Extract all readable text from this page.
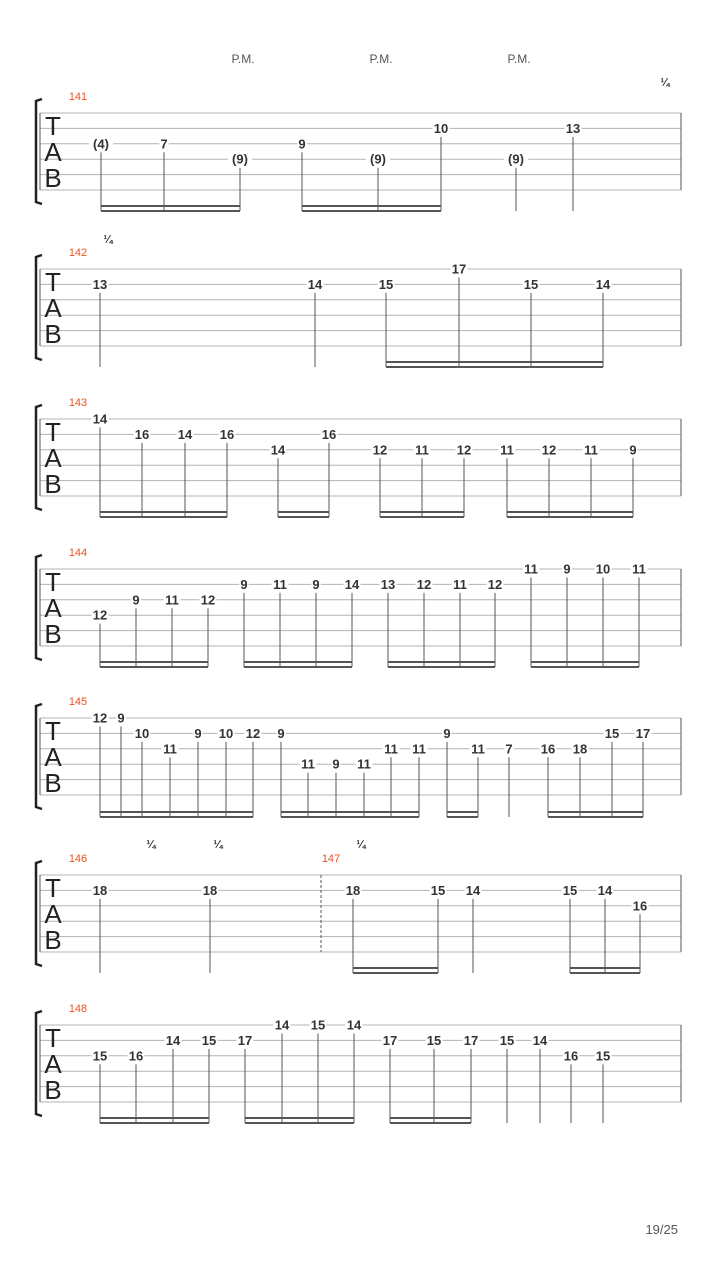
T
A
B
141
P.M.	P.M.	P.M.
¼
(4)	7
(9)
9
(9)
10
(9)
13
T
A
B
142
¼
13	14	15
17
15	14
T
A
B
143
14
16 14 16
14
16
12 11 12 11 12 11 9
T
A
B
144
12
9 11 12
9 11 9 14 13 12 11 12
11 9 10 11
T
A
B
145
12 9
10
11
9 10 12 9
11 9 11
11 11
9
11 7 16 18
15 17
T
A
B
146	147
¼	¼	¼
18	18	18	15 14	15 14
16
T
A
B
148
15 16
14 15 17
14 15 14
17 15 17 15 14
16 15
19/25
